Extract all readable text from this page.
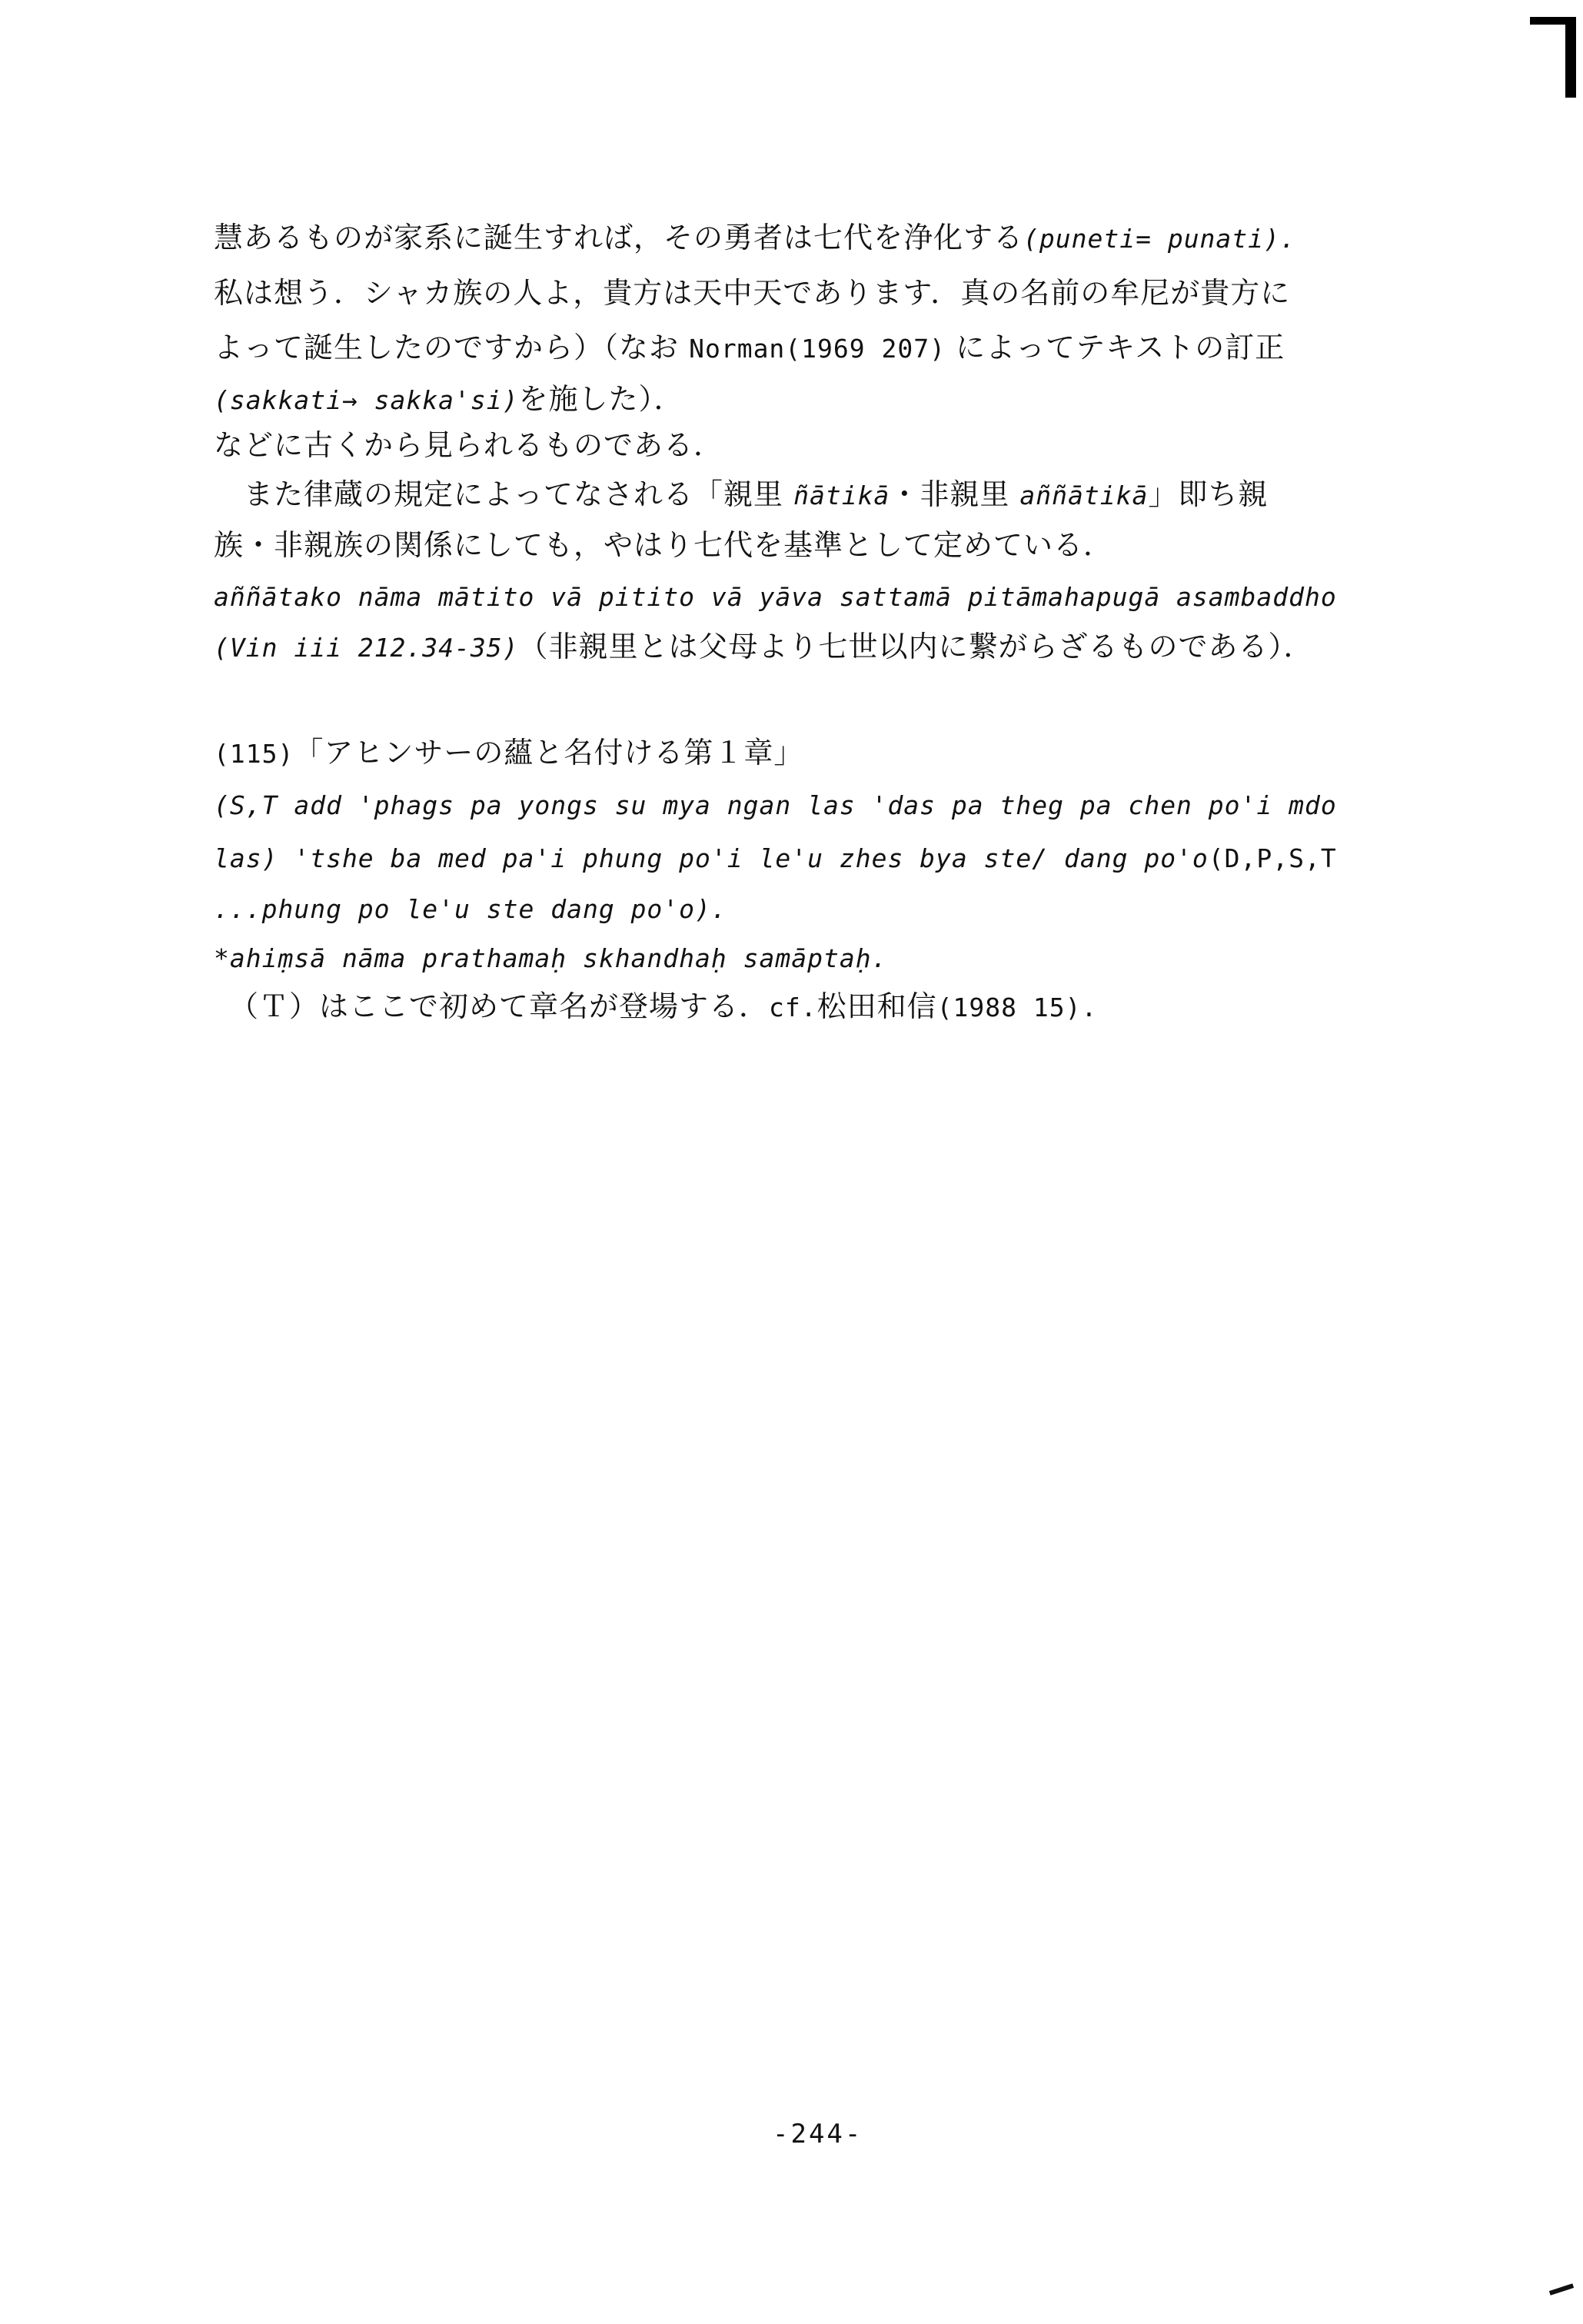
慧あるものが家系に誕生すれば，その勇者は七代を浄化する(puneti= punati).
私は想う．シャカ族の人よ，貴方は天中天であります．真の名前の牟尼が貴方に
よって誕生したのですから）（なお Norman(1969 207) によってテキストの訂正
(sakkati→ sakka'si)を施した）．
などに古くから見られるものである．
　また律蔵の規定によってなされる「親里 ñātikā・非親里 aññātikā」即ち親
族・非親族の関係にしても，やはり七代を基準として定めている．
aññātako nāma mātito vā pitito vā yāva sattamā pitāmahapugā asambaddho
(Vin iii 212.34-35)（非親里とは父母より七世以内に繋がらざるものである）．
(115)「アヒンサーの蘊と名付ける第１章」
(S,T add 'phags pa yongs su mya ngan las 'das pa theg pa chen po'i mdo
las) 'tshe ba med pa'i phung po'i le'u zhes bya ste/ dang po'o(D,P,S,T
...phung po le'u ste dang po'o).
*ahiṃsā nāma prathamaḥ skhandhaḥ samāptaḥ.
　（Ｔ）はここで初めて章名が登場する．cf.松田和信(1988 15).
-244-
